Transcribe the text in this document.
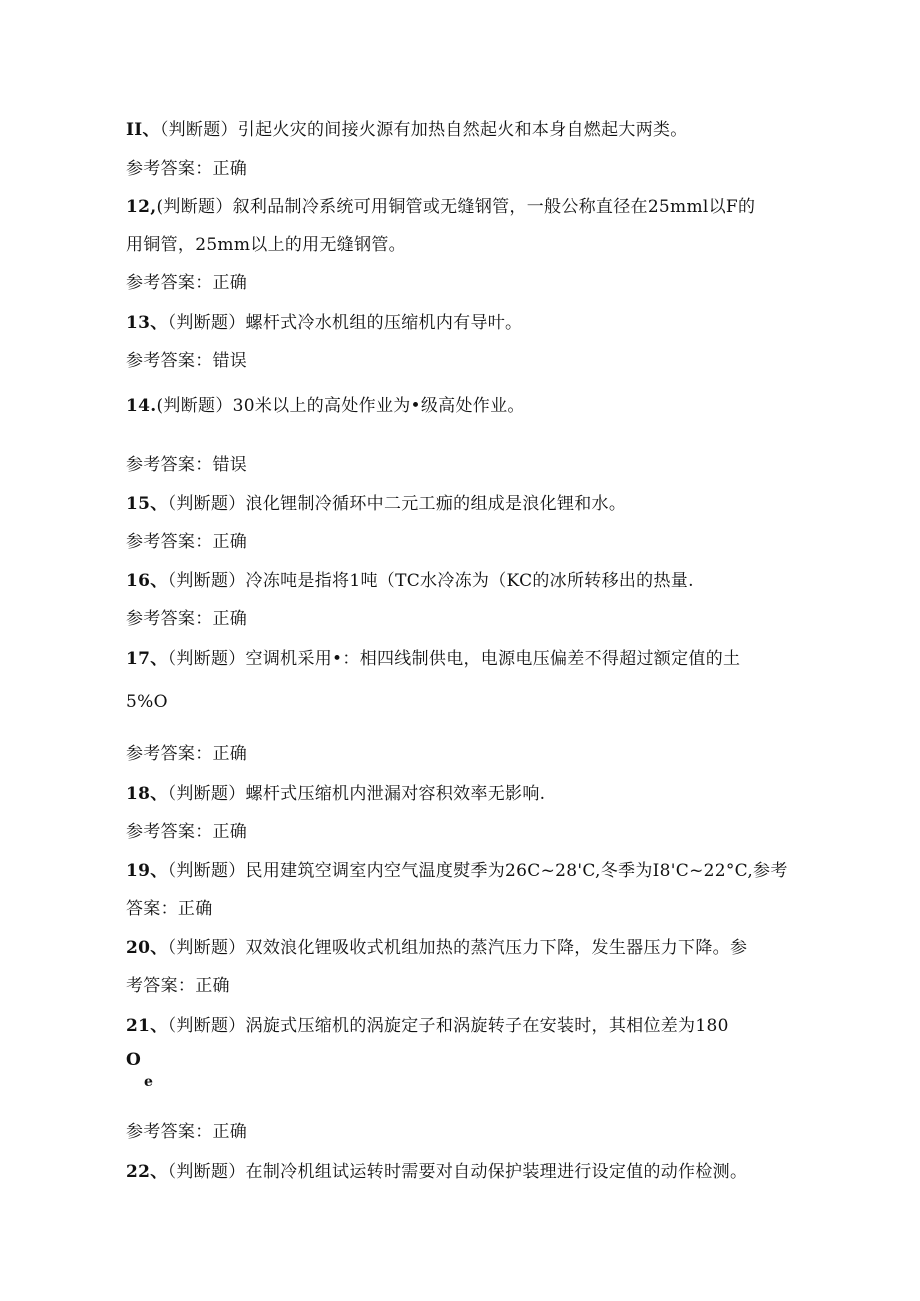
II、（判断题）引起火灾的间接火源有加热自然起火和本身自燃起大两类。
参考答案：正确
12,(判断题）叙利品制冷系统可用铜管或无缝钢管，一般公称直径在25mml以F的
用铜管，25mm以上的用无缝钢管。
参考答案：正确
13、（判断题）螺杆式冷水机组的压缩机内有导叶。
参考答案：错误
14.(判断题）30米以上的高处作业为•级高处作业。
参考答案：错误
15、（判断题）浪化锂制冷循环中二元工痂的组成是浪化锂和水。
参考答案：正确
16、（判断题）冷冻吨是指将1吨（TC水冷冻为（KC的冰所转移出的热量.
参考答案：正确
17、（判断题）空调机采用•：相四线制供电，电源电压偏差不得超过额定值的土
5%O
参考答案：正确
18、（判断题）螺杆式压缩机内泄漏对容积效率无影响.
参考答案：正确
19、（判断题）民用建筑空调室内空气温度熨季为26C~28'C,冬季为I8'C~22°C,参考
答案：正确
20、（判断题）双效浪化锂吸收式机组加热的蒸汽压力下降，发生器压力下降。参
考答案：正确
21、（判断题）涡旋式压缩机的涡旋定子和涡旋转子在安装时，其相位差为180
O
e
参考答案：正确
22、（判断题）在制冷机组试运转时需要对自动保护装理进行设定值的动作检测。
